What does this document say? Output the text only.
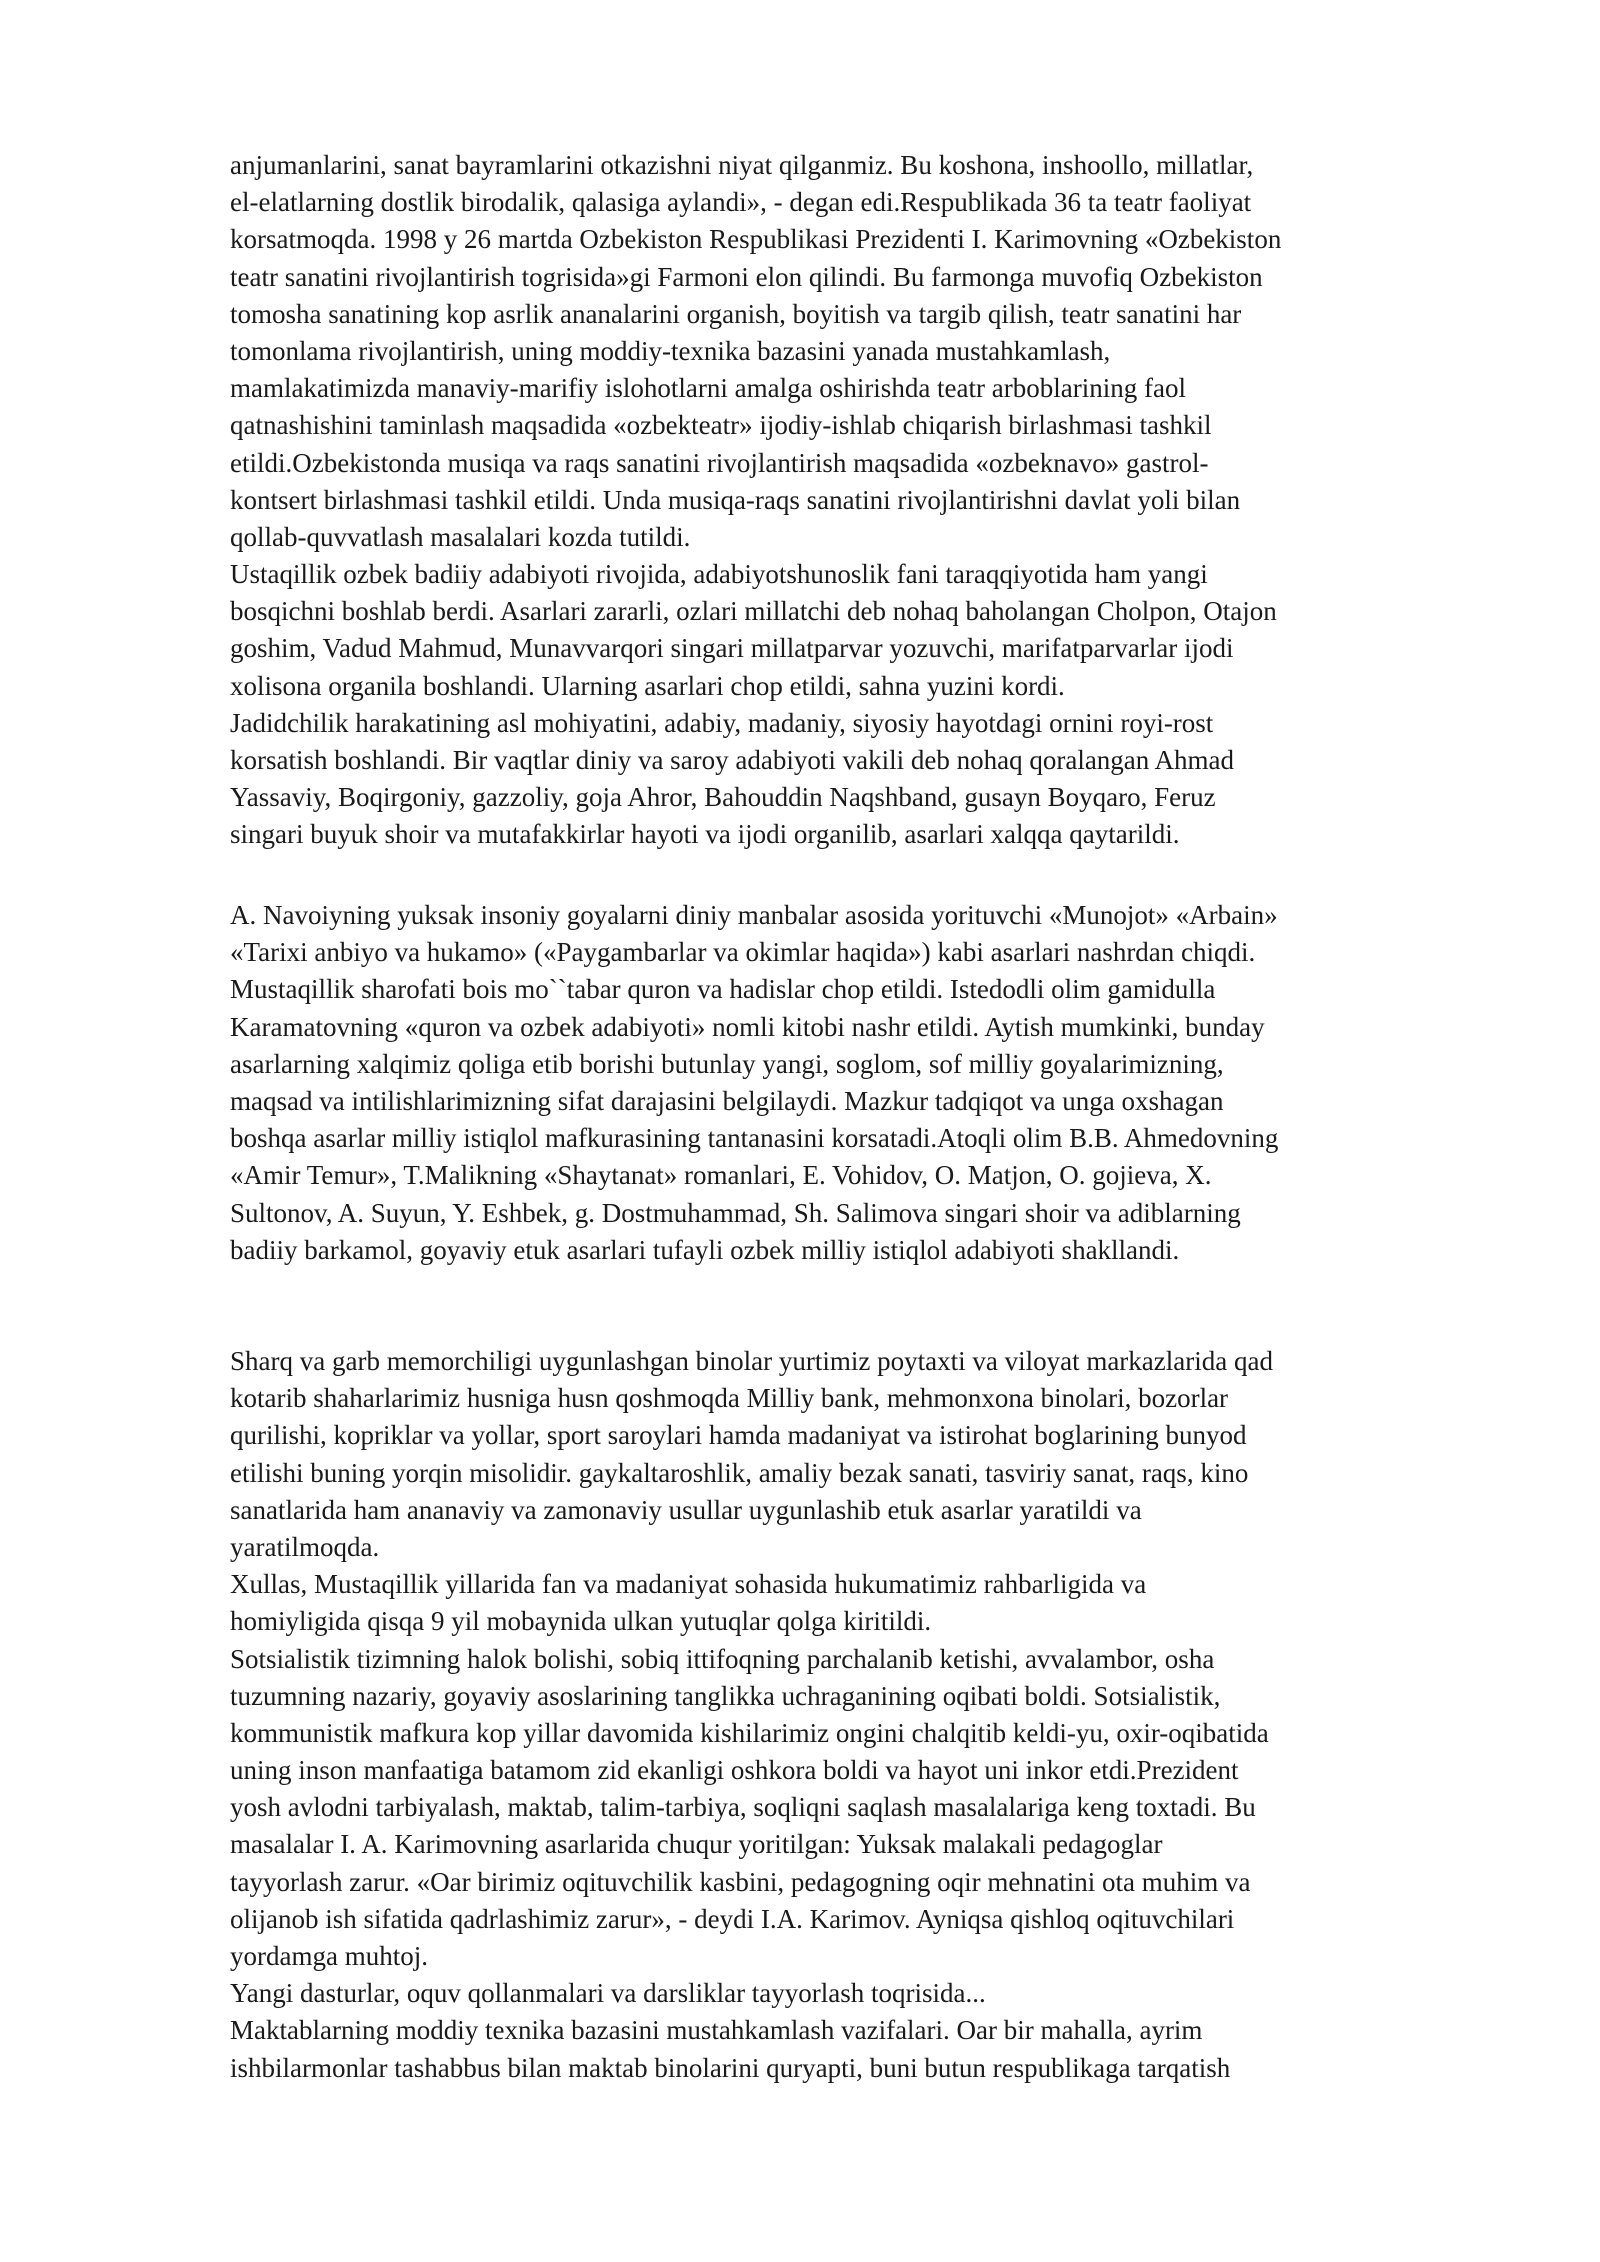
anjumanlarini, sanat bayramlarini otkazishni niyat qilganmiz. Bu koshona, inshoollo, millatlar,
el-elatlarning dostlik birodalik, qalasiga aylandi», - degan edi.Respublikada 36 ta teatr faoliyat
korsatmoqda. 1998 y 26 martda Ozbekiston Respublikasi Prezidenti I. Karimovning «Ozbekiston
teatr sanatini rivojlantirish togrisida»gi Farmoni elon qilindi. Bu farmonga muvofiq Ozbekiston
tomosha sanatining kop asrlik ananalarini organish, boyitish va targib qilish, teatr sanatini har
tomonlama rivojlantirish, uning moddiy-texnika bazasini yanada mustahkamlash,
mamlakatimizda manaviy-marifiy islohotlarni amalga oshirishda teatr arboblarining faol
qatnashishini taminlash maqsadida «ozbekteatr» ijodiy-ishlab chiqarish birlashmasi tashkil
etildi.Ozbekistonda musiqa va raqs sanatini rivojlantirish maqsadida «ozbeknavo» gastrol-
kontsert birlashmasi tashkil etildi. Unda musiqa-raqs sanatini rivojlantirishni davlat yoli bilan
qollab-quvvatlash masalalari kozda tutildi.
Ustaqillik ozbek badiiy adabiyoti rivojida, adabiyotshunoslik fani taraqqiyotida ham yangi
bosqichni boshlab berdi. Asarlari zararli, ozlari millatchi deb nohaq baholangan Cholpon, Otajon
goshim, Vadud Mahmud, Munavvarqori singari millatparvar yozuvchi, marifatparvarlar ijodi
xolisona organila boshlandi. Ularning asarlari chop etildi, sahna yuzini kordi.
Jadidchilik harakatining asl mohiyatini, adabiy, madaniy, siyosiy hayotdagi ornini royi-rost
korsatish boshlandi. Bir vaqtlar diniy va saroy adabiyoti vakili deb nohaq qoralangan Ahmad
Yassaviy, Boqirgoniy, gazzoliy, goja Ahror, Bahouddin Naqshband, gusayn Boyqaro, Feruz
singari buyuk shoir va mutafakkirlar hayoti va ijodi organilib, asarlari xalqqa qaytarildi.
A. Navoiyning yuksak insoniy goyalarni diniy manbalar asosida yorituvchi «Munojot» «Arbain»
«Tarixi anbiyo va hukamo» («Paygambarlar va okimlar haqida») kabi asarlari nashrdan chiqdi.
Mustaqillik sharofati bois mo``tabar quron va hadislar chop etildi. Istedodli olim gamidulla
Karamatovning «quron va ozbek adabiyoti» nomli kitobi nashr etildi. Aytish mumkinki, bunday
asarlarning xalqimiz qoliga etib borishi butunlay yangi, soglom, sof milliy goyalarimizning,
maqsad va intilishlarimizning sifat darajasini belgilaydi. Mazkur tadqiqot va unga oxshagan
boshqa asarlar milliy istiqlol mafkurasining tantanasini korsatadi.Atoqli olim B.B. Ahmedovning
«Amir Temur», T.Malikning «Shaytanat» romanlari, E. Vohidov, O. Matjon, O. gojieva, X.
Sultonov, A. Suyun, Y. Eshbek, g. Dostmuhammad, Sh. Salimova singari shoir va adiblarning
badiiy barkamol, goyaviy etuk asarlari tufayli ozbek milliy istiqlol adabiyoti shakllandi.
Sharq va garb memorchiligi uygunlashgan binolar yurtimiz poytaxti va viloyat markazlarida qad
kotarib shaharlarimiz husniga husn qoshmoqda Milliy bank, mehmonxona binolari, bozorlar
qurilishi, kopriklar va yollar, sport saroylari hamda madaniyat va istirohat boglarining bunyod
etilishi buning yorqin misolidir. gaykaltaroshlik, amaliy bezak sanati, tasviriy sanat, raqs, kino
sanatlarida ham ananaviy va zamonaviy usullar uygunlashib etuk asarlar yaratildi va
yaratilmoqda.
Xullas, Mustaqillik yillarida fan va madaniyat sohasida hukumatimiz rahbarligida va
homiyligida qisqa 9 yil mobaynida ulkan yutuqlar qolga kiritildi.
Sotsialistik tizimning halok bolishi, sobiq ittifoqning parchalanib ketishi, avvalambor, osha
tuzumning nazariy, goyaviy asoslarining tanglikka uchraganining oqibati boldi. Sotsialistik,
kommunistik mafkura kop yillar davomida kishilarimiz ongini chalqitib keldi-yu, oxir-oqibatida
uning inson manfaatiga batamom zid ekanligi oshkora boldi va hayot uni inkor etdi.Prezident
yosh avlodni tarbiyalash, maktab, talim-tarbiya, soqliqni saqlash masalalariga keng toxtadi. Bu
masalalar I. A. Karimovning asarlarida chuqur yoritilgan: Yuksak malakali pedagoglar
tayyorlash zarur. «Oar birimiz oqituvchilik kasbini, pedagogning oqir mehnatini ota muhim va
olijanob ish sifatida qadrlashimiz zarur», - deydi I.A. Karimov. Ayniqsa qishloq oqituvchilari
yordamga muhtoj.
Yangi dasturlar, oquv qollanmalari va darsliklar tayyorlash toqrisida...
Maktablarning moddiy texnika bazasini mustahkamlash vazifalari. Oar bir mahalla, ayrim
ishbilarmonlar tashabbus bilan maktab binolarini quryapti, buni butun respublikaga tarqatish
